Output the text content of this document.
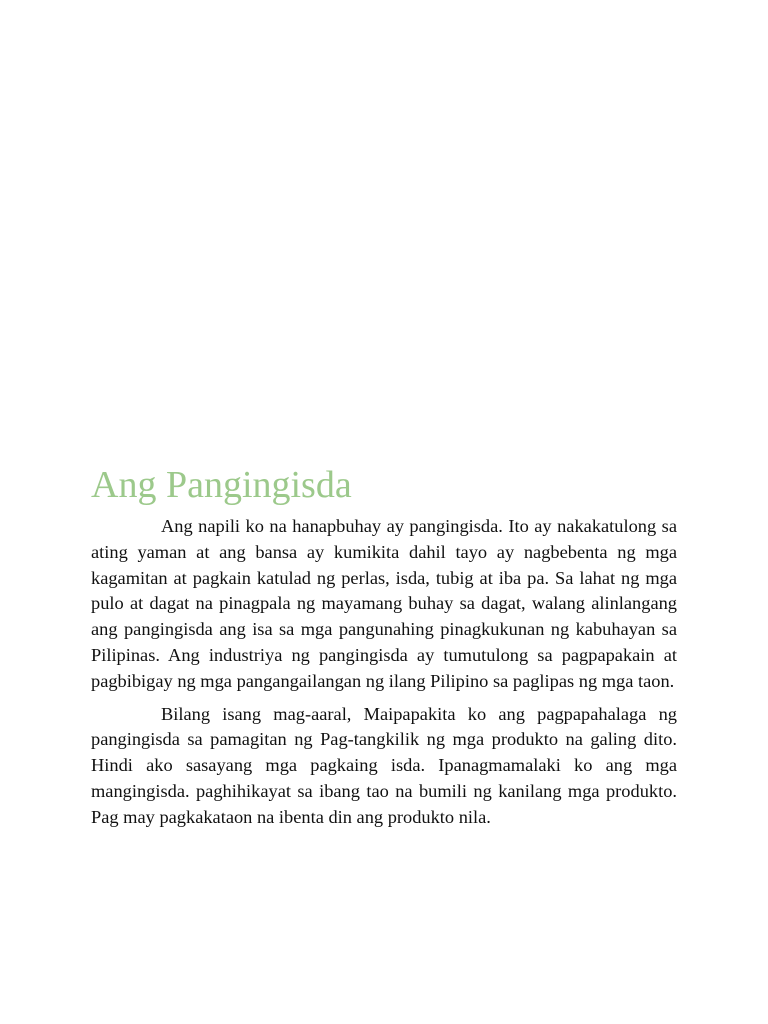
Ang Pangingisda

Ang napili ko na hanapbuhay ay pangingisda. Ito ay nakakatulong sa ating yaman at ang bansa ay kumikita dahil tayo ay nagbebenta ng mga kagamitan at pagkain katulad ng perlas, isda, tubig at iba pa. Sa lahat ng mga pulo at dagat na pinagpala ng mayamang buhay sa dagat, walang alinlangang ang pangingisda ang isa sa mga pangunahing pinagkukunan ng kabuhayan sa Pilipinas. Ang industriya ng pangingisda ay tumutulong sa pagpapakain at pagbibigay ng mga pangangailangan ng ilang Pilipino sa paglipas ng mga taon.

Bilang isang mag-aaral, Maipapakita ko ang pagpapahalaga ng pangingisda sa pamagitan ng Pag-tangkilik ng mga produkto na galing dito. Hindi ako sasayang mga pagkaing isda. Ipanagmamalaki ko ang mga mangingisda. paghihikayat sa ibang tao na bumili ng kanilang mga produkto. Pag may pagkakataon na ibenta din ang produkto nila.
